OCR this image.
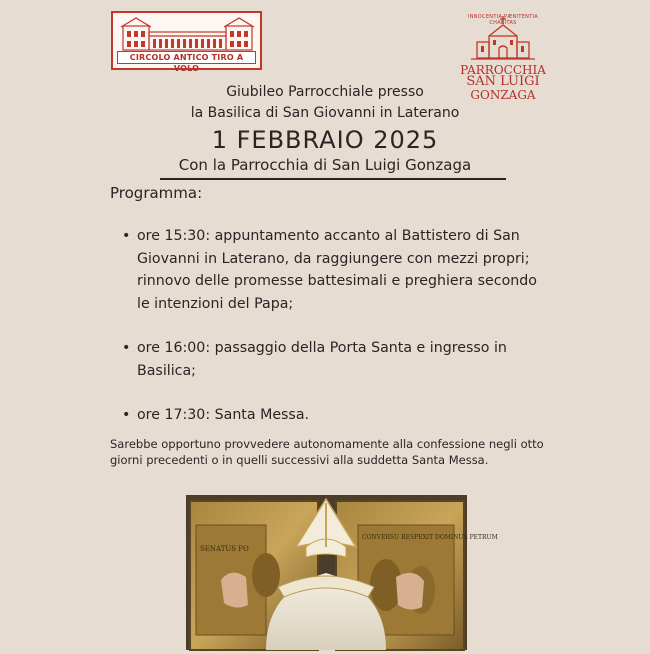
CIRCOLO ANTICO TIRO A VOLO
INNOCENTIA PÆNITENTIA CHARITAS
PARROCCHIA
SAN LUIGI
GONZAGA
Giubileo Parrocchiale presso
la Basilica di San Giovanni in Laterano
1 FEBBRAIO 2025
Con la Parrocchia di San Luigi Gonzaga
Programma:
• ore 15:30: appuntamento accanto al Battistero di San Giovanni in Laterano, da raggiungere con mezzi propri; rinnovo delle promesse battesimali e preghiera secondo le intenzioni del Papa;
• ore 16:00: passaggio della Porta Santa e ingresso in Basilica;
• ore 17:30: Santa Messa.
Sarebbe opportuno provvedere autonomamente alla confessione negli otto giorni precedenti o in quelli successivi alla suddetta Santa Messa.
SENATUS PO
CONVERSU RESPEXIT DOMINUS PETRUM
